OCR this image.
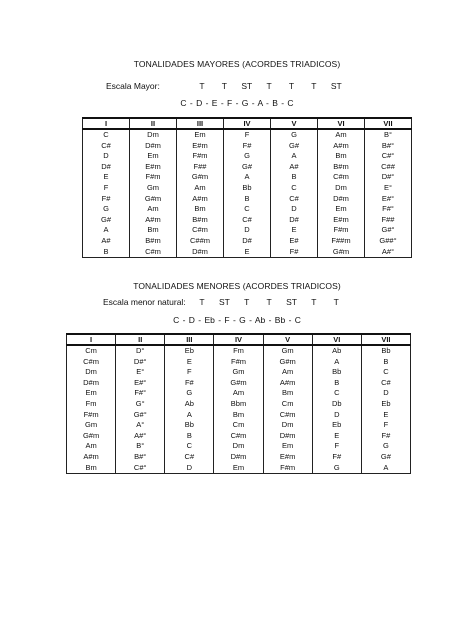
TONALIDADES MAYORES (ACORDES TRIADICOS)
Escala Mayor:	T T ST T T T ST
C - D - E - F - G - A - B - C
I	II	III	IV	V	VI	VII
C	Dm	Em	F	G	Am	B°
C#	D#m	E#m	F#	G#	A#m	B#°
D	Em	F#m	G	A	Bm	C#°
D#	E#m	F##	G#	A#	B#m	C##
E	F#m	G#m	A	B	C#m	D#°
F	Gm	Am	Bb	C	Dm	E°
F#	G#m	A#m	B	C#	D#m	E#°
G	Am	Bm	C	D	Em	F#°
G#	A#m	B#m	C#	D#	E#m	F##
A	Bm	C#m	D	E	F#m	G#°
A#	B#m	C##m	D#	E#	F##m	G##°
B	C#m	D#m	E	F#	G#m	A#°
TONALIDADES MENORES (ACORDES TRIADICOS)
Escala menor natural:	T ST T T ST T T
C - D - Eb - F - G - Ab - Bb - C
I	II	III	IV	V	VI	VII
Cm	D°	Eb	Fm	Gm	Ab	Bb
C#m	D#°	E	F#m	G#m	A	B
Dm	E°	F	Gm	Am	Bb	C
D#m	E#°	F#	G#m	A#m	B	C#
Em	F#°	G	Am	Bm	C	D
Fm	G°	Ab	Bbm	Cm	Db	Eb
F#m	G#°	A	Bm	C#m	D	E
Gm	A°	Bb	Cm	Dm	Eb	F
G#m	A#°	B	C#m	D#m	E	F#
Am	B°	C	Dm	Em	F	G
A#m	B#°	C#	D#m	E#m	F#	G#
Bm	C#°	D	Em	F#m	G	A
